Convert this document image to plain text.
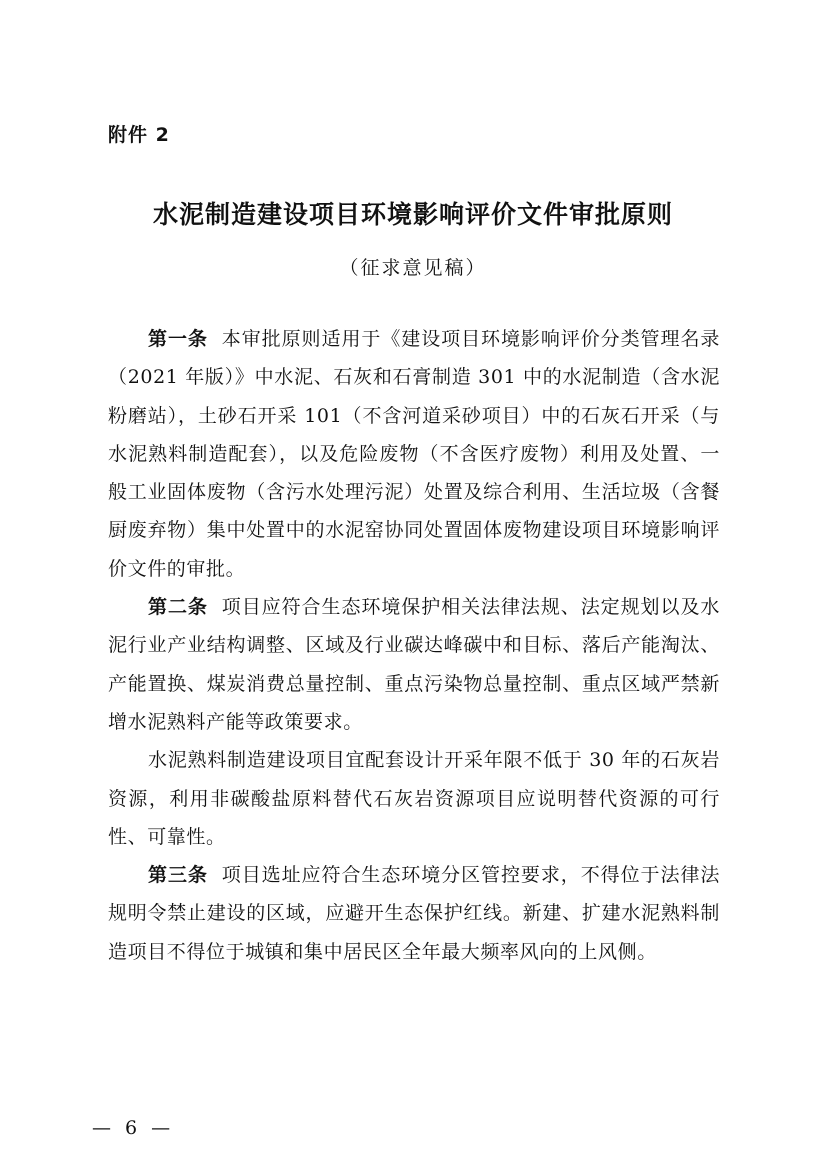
附件 2
水泥制造建设项目环境影响评价文件审批原则
（征求意见稿）

第一条 本审批原则适用于《建设项目环境影响评价分类管理名录（2021 年版）》中水泥、石灰和石膏制造 301 中的水泥制造（含水泥粉磨站），土砂石开采 101（不含河道采砂项目）中的石灰石开采（与水泥熟料制造配套），以及危险废物（不含医疗废物）利用及处置、一般工业固体废物（含污水处理污泥）处置及综合利用、生活垃圾（含餐厨废弃物）集中处置中的水泥窑协同处置固体废物建设项目环境影响评价文件的审批。

第二条 项目应符合生态环境保护相关法律法规、法定规划以及水泥行业产业结构调整、区域及行业碳达峰碳中和目标、落后产能淘汰、产能置换、煤炭消费总量控制、重点污染物总量控制、重点区域严禁新增水泥熟料产能等政策要求。

水泥熟料制造建设项目宜配套设计开采年限不低于 30 年的石灰岩资源，利用非碳酸盐原料替代石灰岩资源项目应说明替代资源的可行性、可靠性。

第三条 项目选址应符合生态环境分区管控要求，不得位于法律法规明令禁止建设的区域，应避开生态保护红线。新建、扩建水泥熟料制造项目不得位于城镇和集中居民区全年最大频率风向的上风侧。

— 6 —
